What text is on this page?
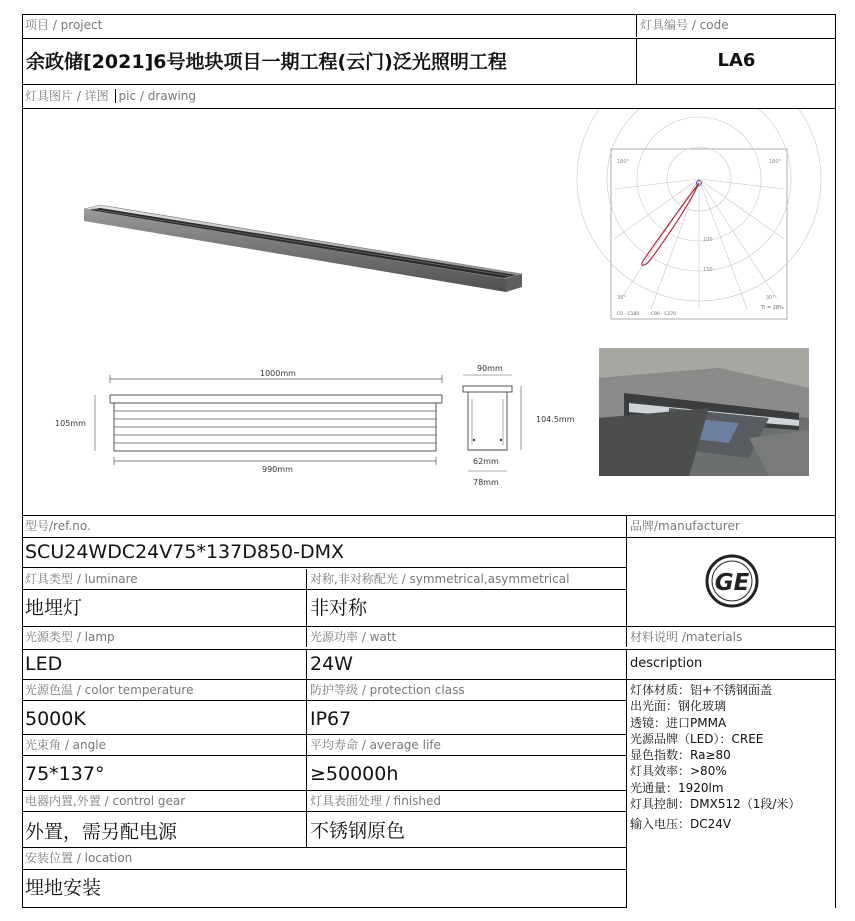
项目 / project	灯具编号 / code
余政储[2021]6号地块项目一期工程(云门)泛光照明工程	LA6
灯具图片 / 详图 pic / drawing
180°	180°
30°	30°
100
150
Ti = 28%
C0 - C180	C90 - C270
1000mm
105mm
990mm
90mm
104.5mm
62mm
78mm
型号/ref.no.	品牌/manufacturer
SCU24WDC24V75*137D850-DMX
GE
灯具类型 / luminare	对称,非对称配光 / symmetrical,asymmetrical
地埋灯	非对称
光源类型 / lamp	光源功率 / watt	材料说明 /materials
LED	24W	description
光源色温 / color temperature	防护等级 / protection class
5000K	IP67
光束角 / angle	平均寿命 / average life
75*137°	≥50000h
电器内置,外置 / control gear	灯具表面处理 / finished
外置，需另配电源	不锈钢原色
安装位置 / location
埋地安装
灯体材质：铝+不锈钢面盖
出光面：钢化玻璃
透镜：进口PMMA
光源品牌（LED）：CREE
显色指数：Ra≥80
灯具效率：>80%
光通量：1920lm
灯具控制：DMX512（1段/米）
输入电压：DC24V
